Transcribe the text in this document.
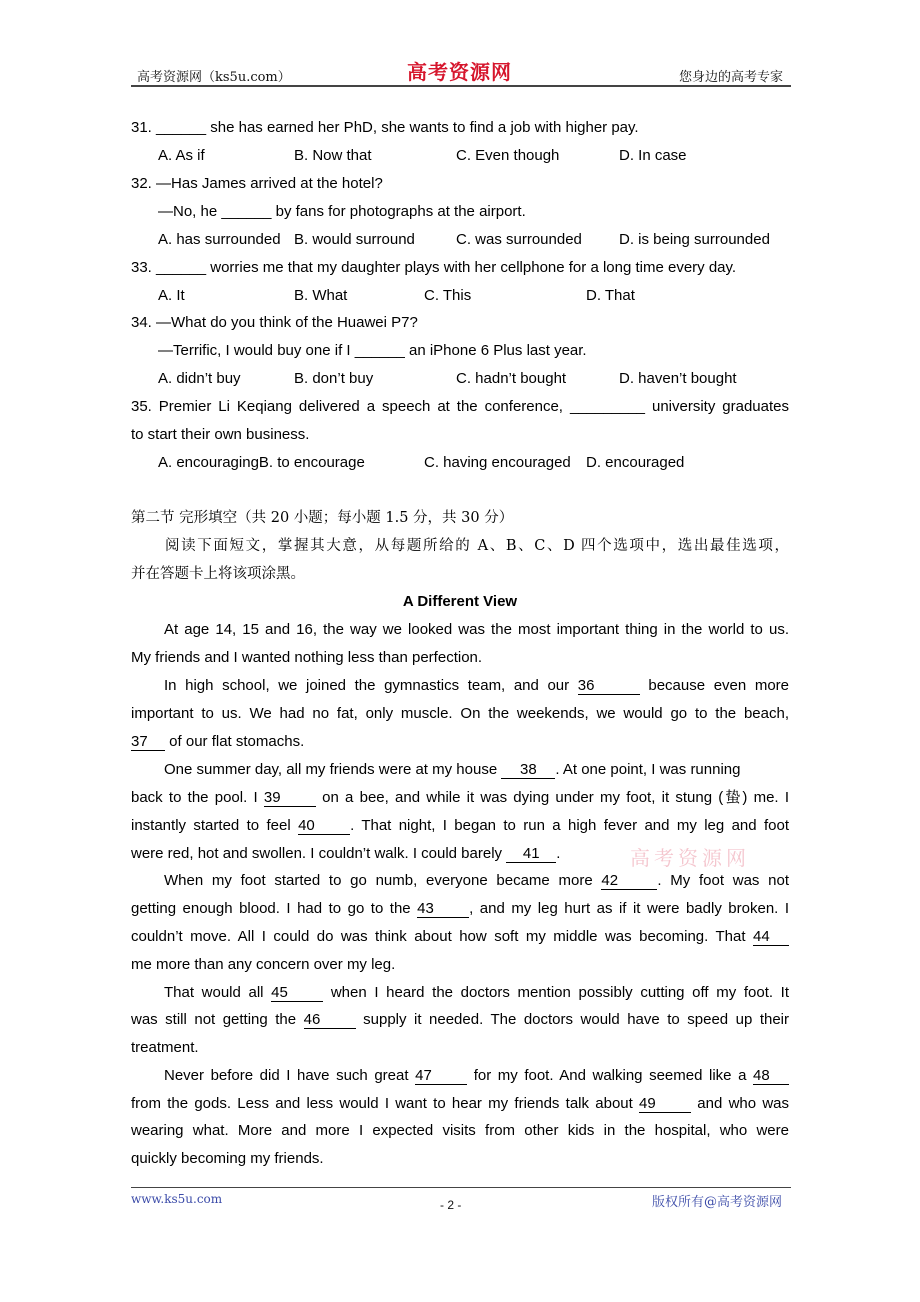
高考资源网（ks5u.com）	高考资源网	您身边的高考专家
31. ______ she has earned her PhD, she wants to find a job with higher pay.
A. As if	B. Now that	C. Even though	D. In case
32. —Has James arrived at the hotel?
—No, he ______ by fans for photographs at the airport.
A. has surrounded B. would surround	C. was surrounded D. is being surrounded
33. ______ worries me that my daughter plays with her cellphone for a long time every day.
A. It	B. What	C. This	D. That
34. —What do you think of the Huawei P7?
—Terrific, I would buy one if I ______ an iPhone 6 Plus last year.
A. didn’t buy	B. don’t buy	C. hadn’t bought	D. haven’t bought
35. Premier Li Keqiang delivered a speech at the conference, _________ university graduates
to start their own business.
A. encouragingB. to encourage	C. having encouraged D. encouraged
第二节 完形填空（共 20 小题；每小题 1.5 分，共 30 分）
阅读下面短文，掌握其大意，从每题所给的 A、B、C、D 四个选项中，选出最佳选项，
并在答题卡上将该项涂黑。
A Different View
At age 14, 15 and 16, the way we looked was the most important thing in the world to us.
My friends and I wanted nothing less than perfection.
In high school, we joined the gymnastics team, and our 36	because even more
important to us. We had no fat, only muscle. On the weekends, we would go to the beach,
37 of our flat stomachs.
One summer day, all my friends were at my house 38 . At one point, I was running
back to the pool. I 39	on a bee, and while it was dying under my foot, it stung (蛰) me. I
instantly started to feel 40 . That night, I began to run a high fever and my leg and foot
were red, hot and swollen. I couldn’t walk. I could barely 41 .	高考资源网
When my foot started to go numb, everyone became more 42	. My foot was not
getting enough blood. I had to go to the 43 , and my leg hurt as if it were badly broken. I
couldn’t move. All I could do was think about how soft my middle was becoming. That 44
me more than any concern over my leg.
That would all 45	when I heard the doctors mention possibly cutting off my foot. It
was still not getting the 46	supply it needed. The doctors would have to speed up their
treatment.
Never before did I have such great 47	for my foot. And walking seemed like a 48
from the gods. Less and less would I want to hear my friends talk about 49	and who was
wearing what. More and more I expected visits from other kids in the hospital, who were
quickly becoming my friends.
www.ks5u.com	- 2 -	版权所有@高考资源网
